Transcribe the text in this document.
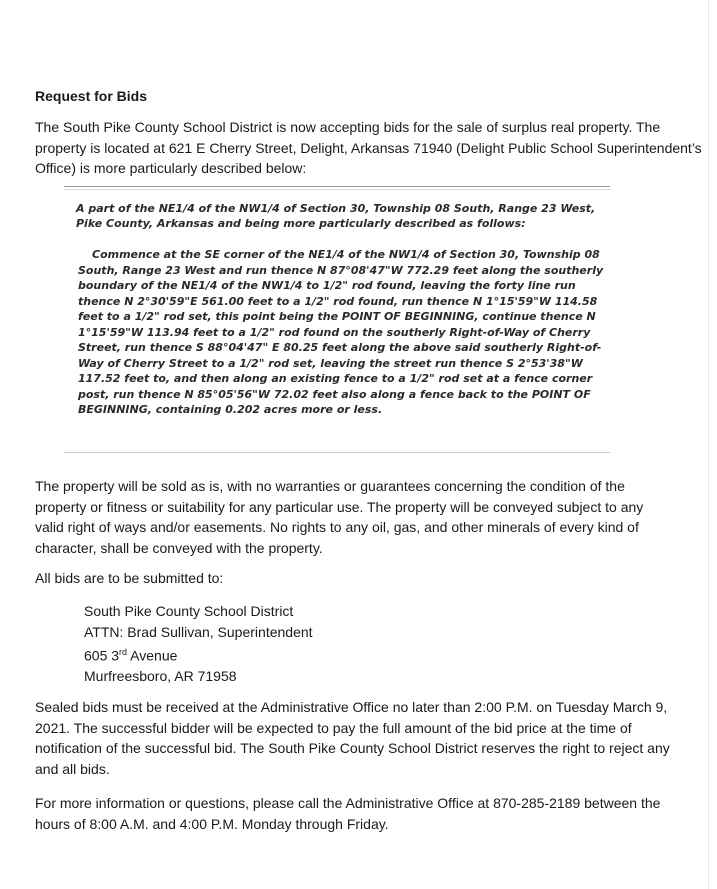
Request for Bids

The South Pike County School District is now accepting bids for the sale of surplus real property. The property is located at 621 E Cherry Street, Delight, Arkansas 71940 (Delight Public School Superintendent’s Office) is more particularly described below:

A part of the NE1/4 of the NW1/4 of Section 30, Township 08 South, Range 23 West, Pike County, Arkansas and being more particularly described as follows:

Commence at the SE corner of the NE1/4 of the NW1/4 of Section 30, Township 08 South, Range 23 West and run thence N 87°08'47"W 772.29 feet along the southerly boundary of the NE1/4 of the NW1/4 to 1/2" rod found, leaving the forty line run thence N 2°30'59"E 561.00 feet to a 1/2" rod found, run thence N 1°15'59"W 114.58 feet to a 1/2" rod set, this point being the POINT OF BEGINNING, continue thence N 1°15'59"W 113.94 feet to a 1/2" rod found on the southerly Right-of-Way of Cherry Street, run thence S 88°04'47" E 80.25 feet along the above said southerly Right-of-Way of Cherry Street to a 1/2" rod set, leaving the street run thence S 2°53'38"W 117.52 feet to, and then along an existing fence to a 1/2" rod set at a fence corner post, run thence N 85°05'56"W 72.02 feet also along a fence back to the POINT OF BEGINNING, containing 0.202 acres more or less.

The property will be sold as is, with no warranties or guarantees concerning the condition of the property or fitness or suitability for any particular use. The property will be conveyed subject to any valid right of ways and/or easements. No rights to any oil, gas, and other minerals of every kind of character, shall be conveyed with the property.

All bids are to be submitted to:

South Pike County School District
ATTN: Brad Sullivan, Superintendent
605 3rd Avenue
Murfreesboro, AR 71958

Sealed bids must be received at the Administrative Office no later than 2:00 P.M. on Tuesday March 9, 2021. The successful bidder will be expected to pay the full amount of the bid price at the time of notification of the successful bid. The South Pike County School District reserves the right to reject any and all bids.

For more information or questions, please call the Administrative Office at 870-285-2189 between the hours of 8:00 A.M. and 4:00 P.M. Monday through Friday.
